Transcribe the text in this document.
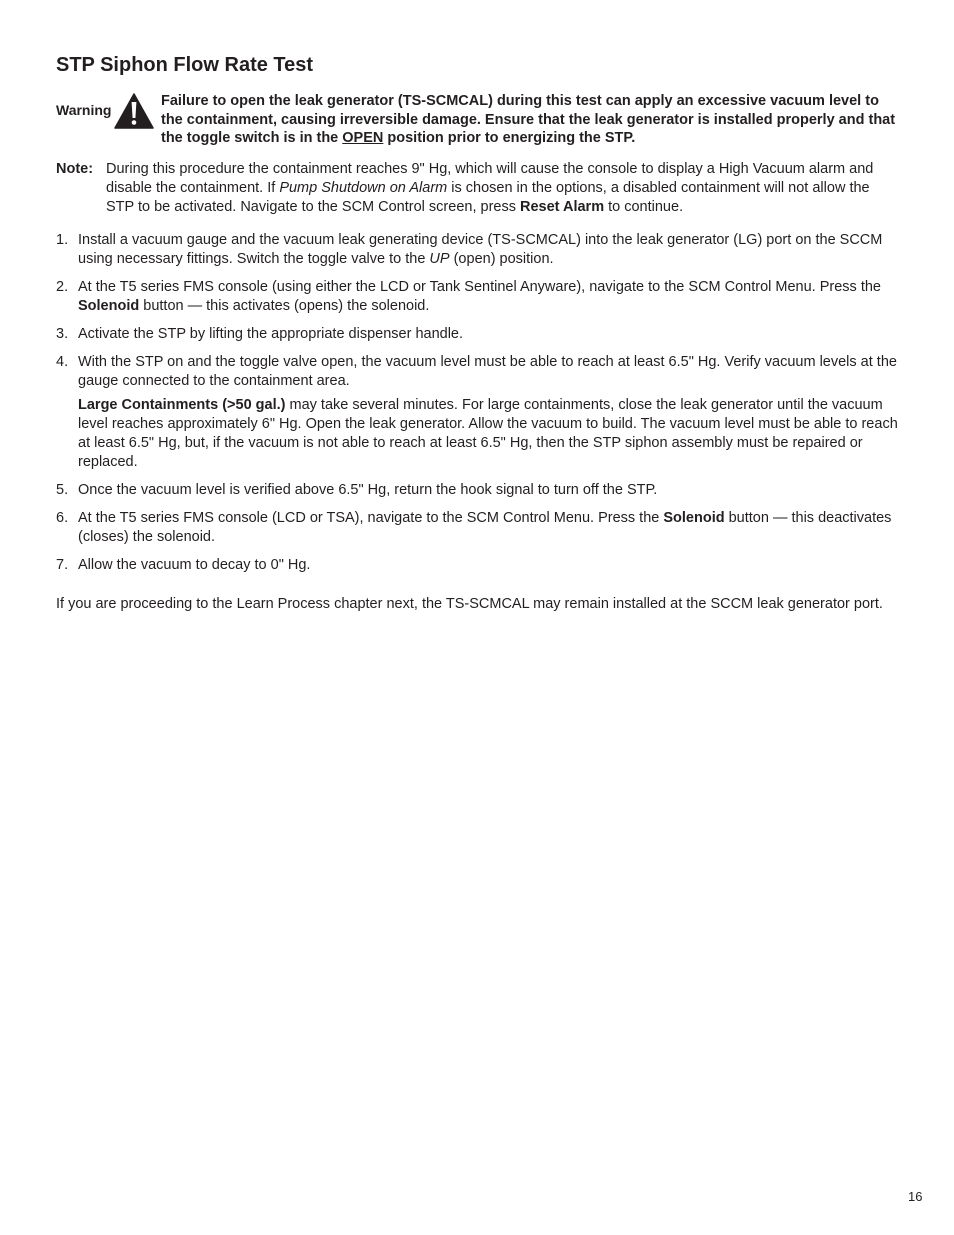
STP Siphon Flow Rate Test
Warning
Failure to open the leak generator (TS-SCMCAL) during this test can apply an excessive vacuum level to the containment, causing irreversible damage. Ensure that the leak generator is installed properly and that the toggle switch is in the OPEN position prior to energizing the STP.
Note: During this procedure the containment reaches 9" Hg, which will cause the console to display a High Vacuum alarm and disable the containment. If Pump Shutdown on Alarm is chosen in the options, a disabled containment will not allow the STP to be activated. Navigate to the SCM Control screen, press Reset Alarm to continue.
1. Install a vacuum gauge and the vacuum leak generating device (TS-SCMCAL) into the leak generator (LG) port on the SCCM using necessary fittings. Switch the toggle valve to the UP (open) position.
2. At the T5 series FMS console (using either the LCD or Tank Sentinel Anyware), navigate to the SCM Control Menu. Press the Solenoid button — this activates (opens) the solenoid.
3. Activate the STP by lifting the appropriate dispenser handle.
4. With the STP on and the toggle valve open, the vacuum level must be able to reach at least 6.5" Hg. Verify vacuum levels at the gauge connected to the containment area.
Large Containments (>50 gal.) may take several minutes. For large containments, close the leak generator until the vacuum level reaches approximately 6" Hg. Open the leak generator. Allow the vacuum to build. The vacuum level must be able to reach at least 6.5" Hg, but, if the vacuum is not able to reach at least 6.5" Hg, then the STP siphon assembly must be repaired or replaced.
5. Once the vacuum level is verified above 6.5" Hg, return the hook signal to turn off the STP.
6. At the T5 series FMS console (LCD or TSA), navigate to the SCM Control Menu. Press the Solenoid button — this deactivates (closes) the solenoid.
7. Allow the vacuum to decay to 0" Hg.

If you are proceeding to the Learn Process chapter next, the TS-SCMCAL may remain installed at the SCCM leak generator port.

16
